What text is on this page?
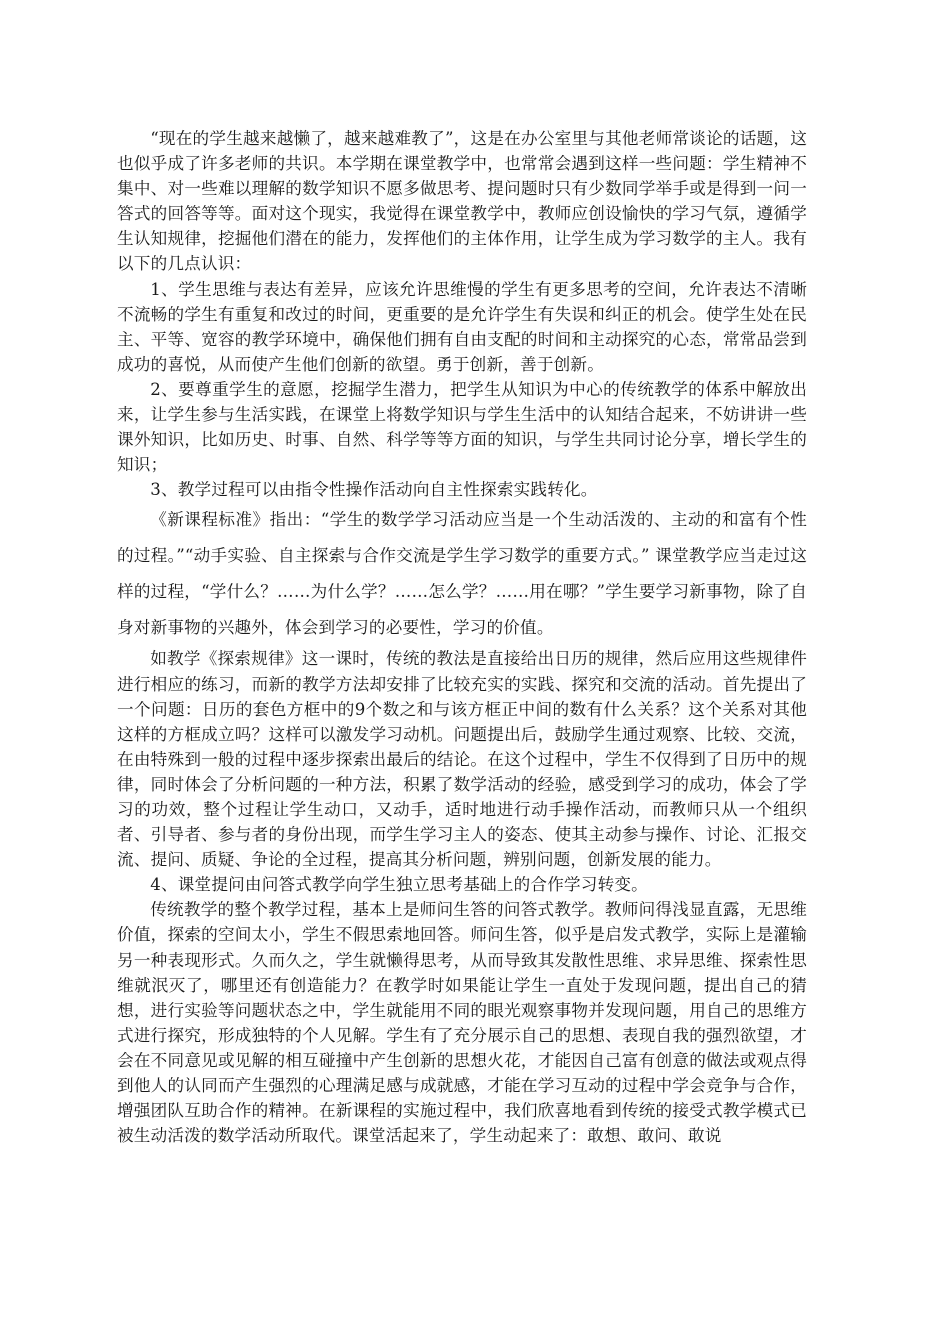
“现在的学生越来越懒了，越来越难教了”，这是在办公室里与其他老师常谈论的话题，这也似乎成了许多老师的共识。本学期在课堂教学中，也常常会遇到这样一些问题：学生精神不集中、对一些难以理解的数学知识不愿多做思考、提问题时只有少数同学举手或是得到一问一答式的回答等等。面对这个现实，我觉得在课堂教学中，教师应创设愉快的学习气氛，遵循学生认知规律，挖掘他们潜在的能力，发挥他们的主体作用，让学生成为学习数学的主人。我有以下的几点认识：

1、学生思维与表达有差异，应该允许思维慢的学生有更多思考的空间，允许表达不清晰不流畅的学生有重复和改过的时间，更重要的是允许学生有失误和纠正的机会。使学生处在民主、平等、宽容的教学环境中，确保他们拥有自由支配的时间和主动探究的心态，常常品尝到成功的喜悦，从而使产生他们创新的欲望。勇于创新，善于创新。

2、要尊重学生的意愿，挖掘学生潜力，把学生从知识为中心的传统教学的体系中解放出来，让学生参与生活实践，在课堂上将数学知识与学生生活中的认知结合起来，不妨讲讲一些课外知识，比如历史、时事、自然、科学等等方面的知识，与学生共同讨论分享，增长学生的知识；

3、教学过程可以由指令性操作活动向自主性探索实践转化。

《新课程标准》指出：“学生的数学学习活动应当是一个生动活泼的、主动的和富有个性的过程。”“动手实验、自主探索与合作交流是学生学习数学的重要方式。” 课堂教学应当走过这样的过程，“学什么？……为什么学？……怎么学？……用在哪？”学生要学习新事物，除了自身对新事物的兴趣外，体会到学习的必要性，学习的价值。

如教学《探索规律》这一课时，传统的教法是直接给出日历的规律，然后应用这些规律件进行相应的练习，而新的教学方法却安排了比较充实的实践、探究和交流的活动。首先提出了一个问题：日历的套色方框中的9个数之和与该方框正中间的数有什么关系？这个关系对其他这样的方框成立吗？这样可以激发学习动机。问题提出后，鼓励学生通过观察、比较、交流，在由特殊到一般的过程中逐步探索出最后的结论。在这个过程中，学生不仅得到了日历中的规律，同时体会了分析问题的一种方法，积累了数学活动的经验，感受到学习的成功，体会了学习的功效，整个过程让学生动口，又动手，适时地进行动手操作活动，而教师只从一个组织者、引导者、参与者的身份出现，而学生学习主人的姿态、使其主动参与操作、讨论、汇报交流、提问、质疑、争论的全过程，提高其分析问题，辨别问题，创新发展的能力。

4、课堂提问由问答式教学向学生独立思考基础上的合作学习转变。

传统教学的整个教学过程，基本上是师问生答的问答式教学。教师问得浅显直露，无思维价值，探索的空间太小，学生不假思索地回答。师问生答，似乎是启发式教学，实际上是灌输另一种表现形式。久而久之，学生就懒得思考，从而导致其发散性思维、求异思维、探索性思维就泯灭了，哪里还有创造能力？在教学时如果能让学生一直处于发现问题，提出自己的猜想，进行实验等问题状态之中，学生就能用不同的眼光观察事物并发现问题，用自己的思维方式进行探究，形成独特的个人见解。学生有了充分展示自己的思想、表现自我的强烈欲望，才会在不同意见或见解的相互碰撞中产生创新的思想火花，才能因自己富有创意的做法或观点得到他人的认同而产生强烈的心理满足感与成就感，才能在学习互动的过程中学会竞争与合作，增强团队互助合作的精神。在新课程的实施过程中，我们欣喜地看到传统的接受式教学模式已被生动活泼的数学活动所取代。课堂活起来了，学生动起来了：敢想、敢问、敢说
